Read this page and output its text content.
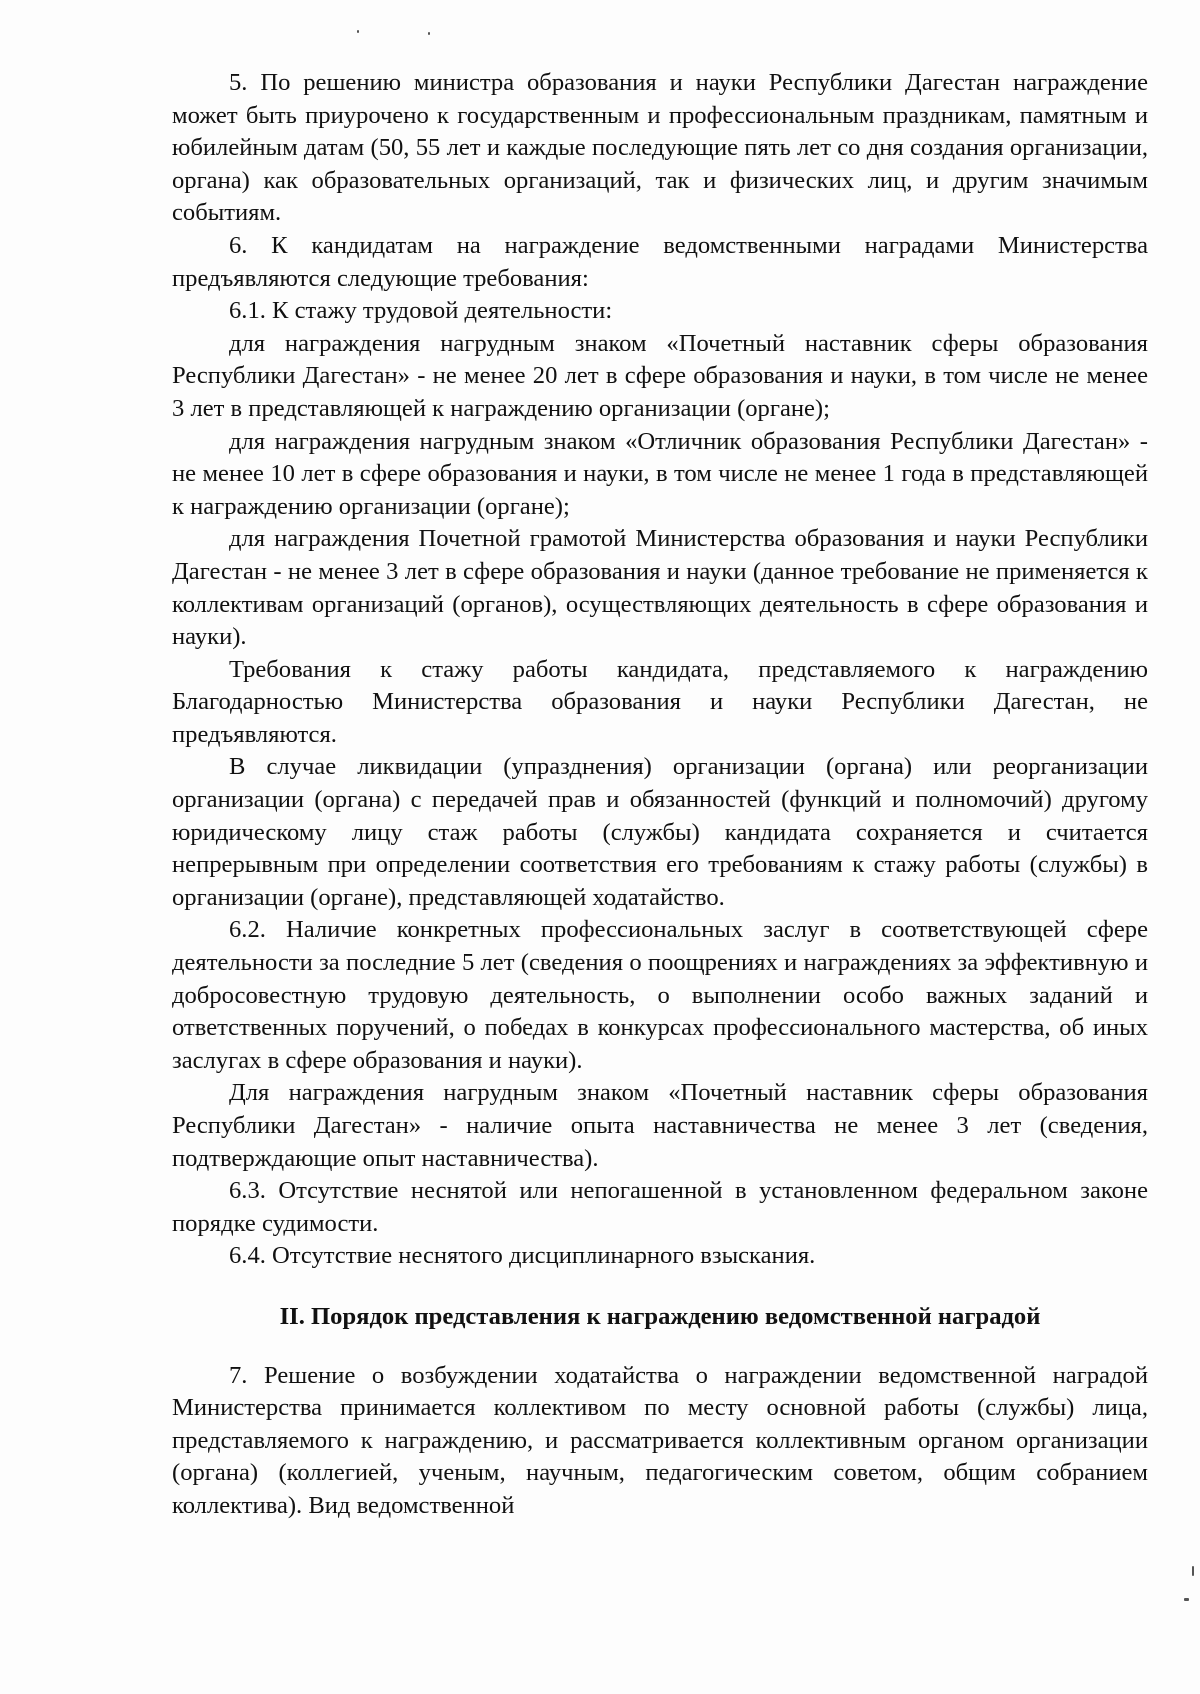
5. По решению министра образования и науки Республики Дагестан награждение может быть приурочено к государственным и профессиональным праздникам, памятным и юбилейным датам (50, 55 лет и каждые последующие пять лет со дня создания организации, органа) как образовательных организаций, так и физических лиц, и другим значимым событиям.

6. К кандидатам на награждение ведомственными наградами Министерства предъявляются следующие требования:

6.1. К стажу трудовой деятельности:

для награждения нагрудным знаком «Почетный наставник сферы образования Республики Дагестан» - не менее 20 лет в сфере образования и науки, в том числе не менее 3 лет в представляющей к награждению организации (органе);

для награждения нагрудным знаком «Отличник образования Республики Дагестан» - не менее 10 лет в сфере образования и науки, в том числе не менее 1 года в представляющей к награждению организации (органе);

для награждения Почетной грамотой Министерства образования и науки Республики Дагестан - не менее 3 лет в сфере образования и науки (данное требование не применяется к коллективам организаций (органов), осуществляющих деятельность в сфере образования и науки).

Требования к стажу работы кандидата, представляемого к награждению Благодарностью Министерства образования и науки Республики Дагестан, не предъявляются.

В случае ликвидации (упразднения) организации (органа) или реорганизации организации (органа) с передачей прав и обязанностей (функций и полномочий) другому юридическому лицу стаж работы (службы) кандидата сохраняется и считается непрерывным при определении соответствия его требованиям к стажу работы (службы) в организации (органе), представляющей ходатайство.

6.2. Наличие конкретных профессиональных заслуг в соответствующей сфере деятельности за последние 5 лет (сведения о поощрениях и награждениях за эффективную и добросовестную трудовую деятельность, о выполнении особо важных заданий и ответственных поручений, о победах в конкурсах профессионального мастерства, об иных заслугах в сфере образования и науки).

Для награждения нагрудным знаком «Почетный наставник сферы образования Республики Дагестан» - наличие опыта наставничества не менее 3 лет (сведения, подтверждающие опыт наставничества).

6.3. Отсутствие неснятой или непогашенной в установленном федеральном законе порядке судимости.

6.4. Отсутствие неснятого дисциплинарного взыскания.

II. Порядок представления к награждению ведомственной наградой

7. Решение о возбуждении ходатайства о награждении ведомственной наградой Министерства принимается коллективом по месту основной работы (службы) лица, представляемого к награждению, и рассматривается коллективным органом организации (органа) (коллегией, ученым, научным, педагогическим советом, общим собранием коллектива). Вид ведомственной
